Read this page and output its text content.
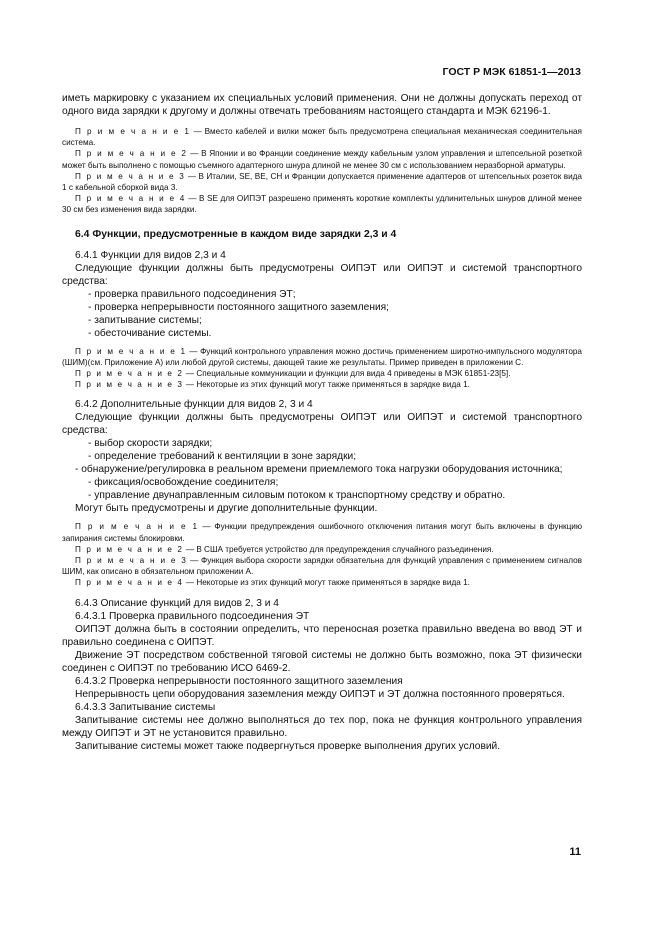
ГОСТ Р МЭК 61851-1—2013

иметь маркировку с указанием их специальных условий применения. Они не должны допускать переход от одного вида зарядки к другому и должны отвечать требованиям настоящего стандарта и МЭК 62196-1.

П р и м е ч а н и е 1 — Вместо кабелей и вилки может быть предусмотрена специальная механическая соединительная система.

П р и м е ч а н и е 2 — В Японии и во Франции соединение между кабельным узлом управления и штепсельной розеткой может быть выполнено с помощью съемного адаптерного шнура длиной не менее 30 см с использованием неразборной арматуры.

П р и м е ч а н и е 3 — В Италии, SE, BE, CH и Франции допускается применение адаптеров от штепсельных розеток вида 1 с кабельной сборкой вида 3.

П р и м е ч а н и е 4 — В SE для ОИПЭТ разрешено применять короткие комплекты удлинительных шнуров длиной менее 30 см без изменения вида зарядки.

6.4 Функции, предусмотренные в каждом виде зарядки 2,3 и 4

6.4.1 Функции для видов 2,3 и 4

Следующие функции должны быть предусмотрены ОИПЭТ или ОИПЭТ и системой транспортного средства:

- проверка правильного подсоединения ЭТ;

- проверка непрерывности постоянного защитного заземления;

- запитывание системы;

- обесточивание системы.

П р и м е ч а н и е 1 — Функций контрольного управления можно достичь применением широтно-импульсного модулятора (ШИМ)(см. Приложение А) или любой другой системы, дающей такие же результаты. Пример приведен в приложении С.

П р и м е ч а н и е 2 — Специальные коммуникации и функции для вида 4 приведены в МЭК 61851-23[5].

П р и м е ч а н и е 3 — Некоторые из этих функций могут также применяться в зарядке вида 1.

6.4.2 Дополнительные функции для видов 2, 3 и 4

Следующие функции должны быть предусмотрены ОИПЭТ или ОИПЭТ и системой транспортного средства:

- выбор скорости зарядки;

- определение требований к вентиляции в зоне зарядки;

- обнаружение/регулировка в реальном времени приемлемого тока нагрузки оборудования источника;

- фиксация/освобождение соединителя;

- управление двунаправленным силовым потоком к транспортному средству и обратно.

Могут быть предусмотрены и другие дополнительные функции.

П р и м е ч а н и е 1 — Функции предупреждения ошибочного отключения питания могут быть включены в функцию запирания системы блокировки.

П р и м е ч а н и е 2 — В США требуется устройство для предупреждения случайного разъединения.

П р и м е ч а н и е 3 — Функция выбора скорости зарядки обязательна для функций управления с применением сигналов ШИМ, как описано в обязательном приложении А.

П р и м е ч а н и е 4 — Некоторые из этих функций могут также применяться в зарядке вида 1.

6.4.3 Описание функций для видов 2, 3 и 4

6.4.3.1 Проверка правильного подсоединения ЭТ

ОИПЭТ должна быть в состоянии определить, что переносная розетка правильно введена во ввод ЭТ и правильно соединена с ОИПЭТ.

Движение ЭТ посредством собственной тяговой системы не должно быть возможно, пока ЭТ физически соединен с ОИПЭТ по требованию ИСО 6469-2.

6.4.3.2 Проверка непрерывности постоянного защитного заземления

Непрерывность цепи оборудования заземления между ОИПЭТ и ЭТ должна постоянного проверяться.

6.4.3.3 Запитывание системы

Запитывание системы нее должно выполняться до тех пор, пока не функция контрольного управления между ОИПЭТ и ЭТ не установится правильно.

Запитывание системы может также подвергнуться проверке выполнения других условий.

11
